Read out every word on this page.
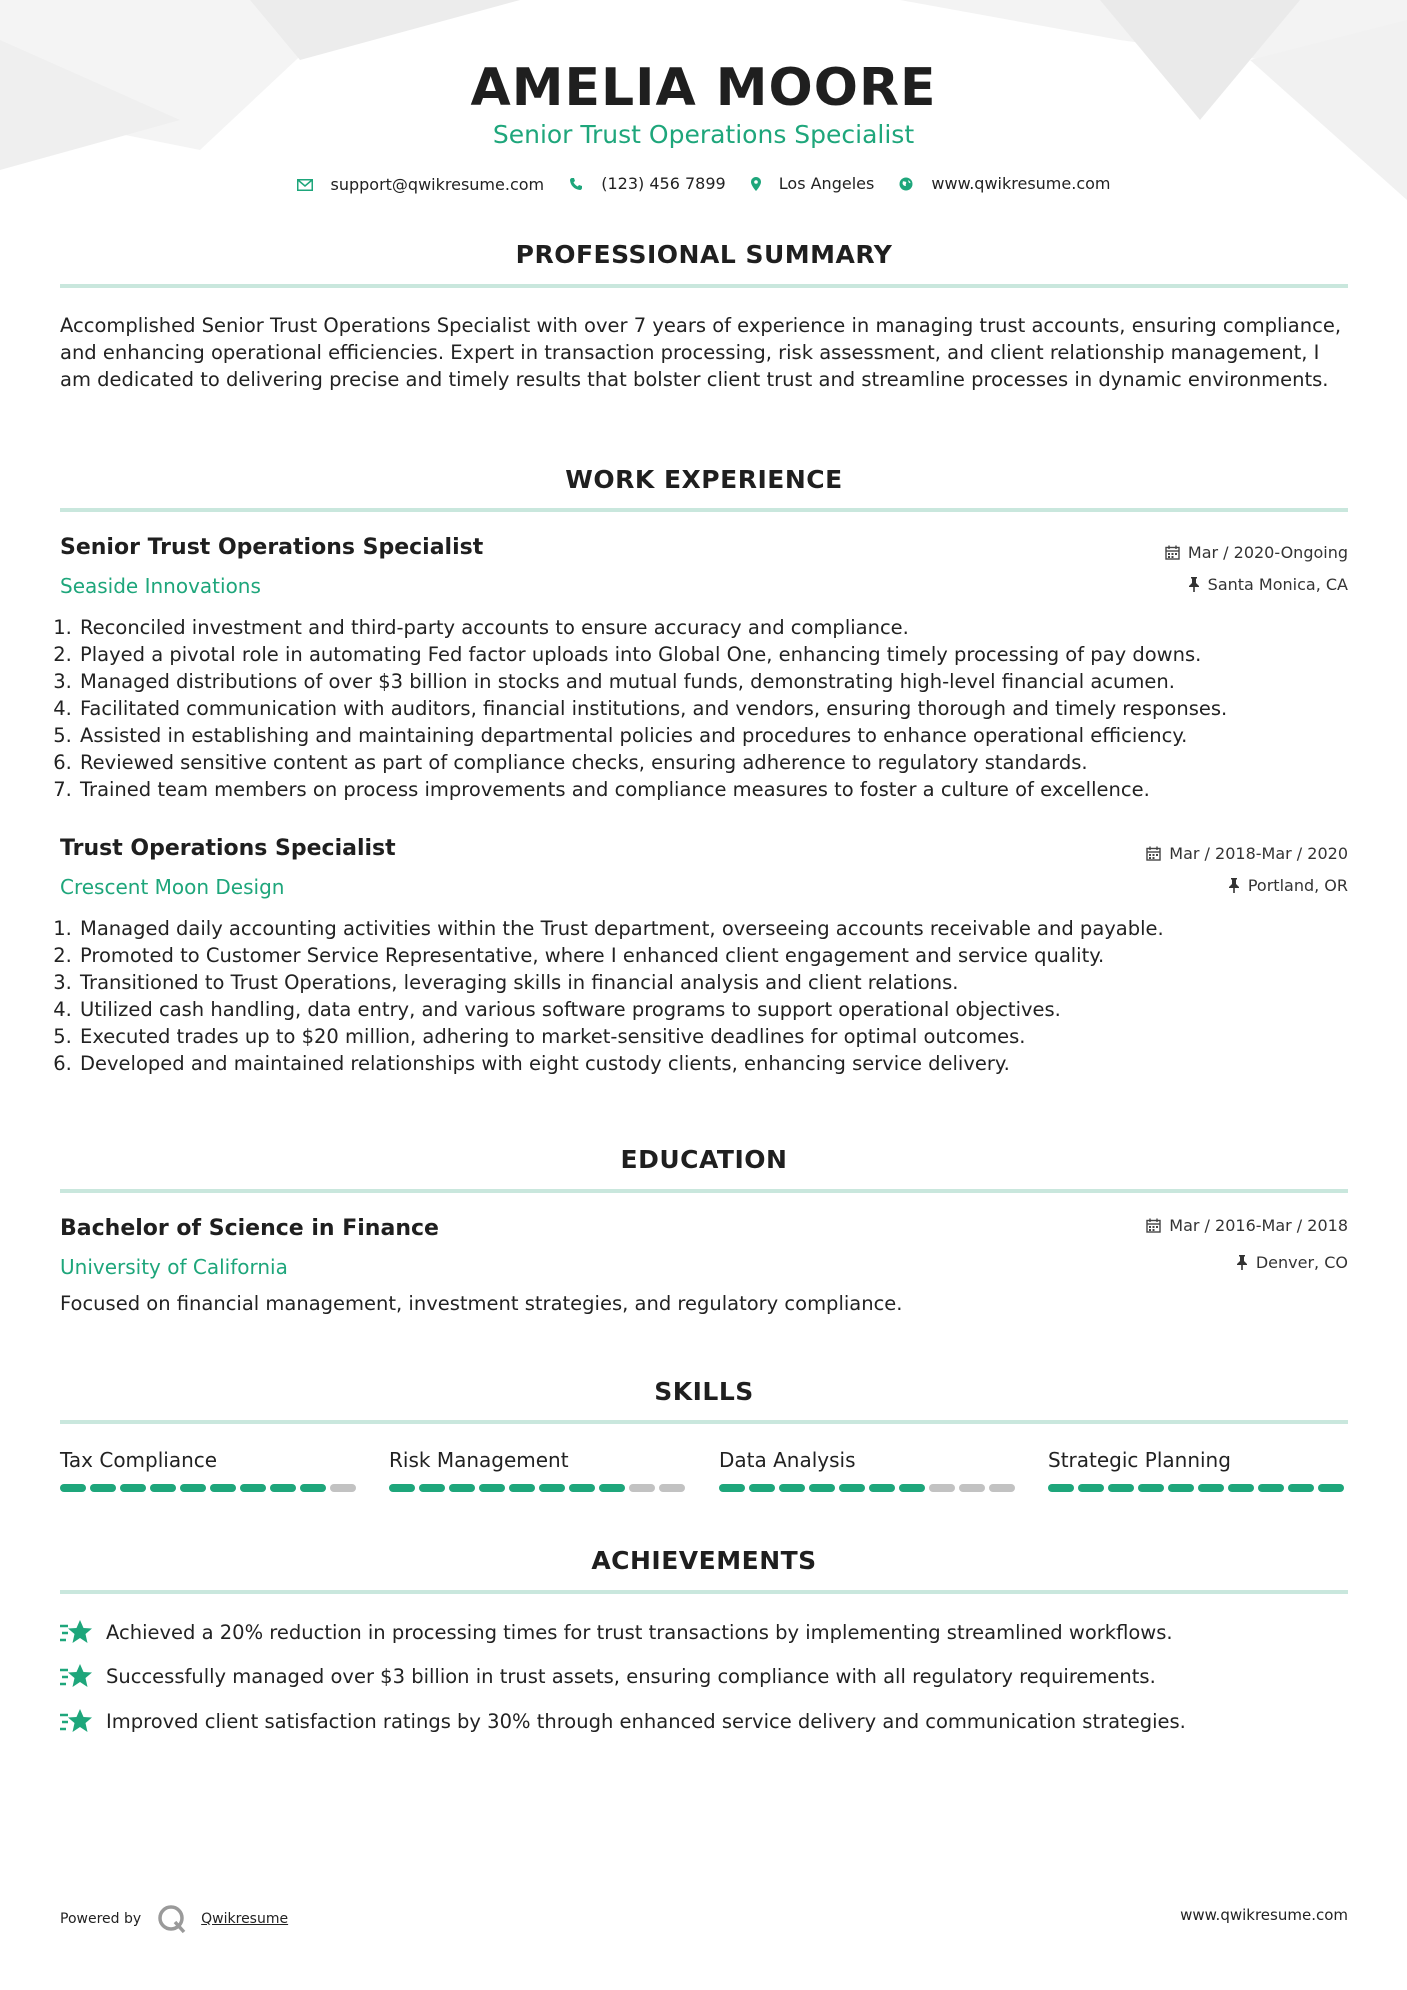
AMELIA MOORE
Senior Trust Operations Specialist
support@qwikresume.com
	(123) 456 7899
	Los Angeles
	www.qwikresume.com
PROFESSIONAL SUMMARY
Accomplished Senior Trust Operations Specialist with over 7 years of experience in managing trust accounts, ensuring compliance, and enhancing operational efficiencies. Expert in transaction processing, risk assessment, and client relationship management, I am dedicated to delivering precise and timely results that bolster client trust and streamline processes in dynamic environments.
WORK EXPERIENCE
Senior Trust Operations Specialist
Seaside Innovations
Mar / 2020-Ongoing
Santa Monica, CA
1. Reconciled investment and third-party accounts to ensure accuracy and compliance.
2. Played a pivotal role in automating Fed factor uploads into Global One, enhancing timely processing of pay downs.
3. Managed distributions of over $3 billion in stocks and mutual funds, demonstrating high-level financial acumen.
4. Facilitated communication with auditors, financial institutions, and vendors, ensuring thorough and timely responses.
5. Assisted in establishing and maintaining departmental policies and procedures to enhance operational efficiency.
6. Reviewed sensitive content as part of compliance checks, ensuring adherence to regulatory standards.
7. Trained team members on process improvements and compliance measures to foster a culture of excellence.
Trust Operations Specialist
Crescent Moon Design
Mar / 2018-Mar / 2020
Portland, OR
1. Managed daily accounting activities within the Trust department, overseeing accounts receivable and payable.
2. Promoted to Customer Service Representative, where I enhanced client engagement and service quality.
3. Transitioned to Trust Operations, leveraging skills in financial analysis and client relations.
4. Utilized cash handling, data entry, and various software programs to support operational objectives.
5. Executed trades up to $20 million, adhering to market-sensitive deadlines for optimal outcomes.
6. Developed and maintained relationships with eight custody clients, enhancing service delivery.
EDUCATION
Bachelor of Science in Finance
University of California
Mar / 2016-Mar / 2018
Denver, CO
Focused on financial management, investment strategies, and regulatory compliance.
SKILLS
Tax Compliance	Risk Management	Data Analysis	Strategic Planning
ACHIEVEMENTS
Achieved a 20% reduction in processing times for trust transactions by implementing streamlined workflows.
Successfully managed over $3 billion in trust assets, ensuring compliance with all regulatory requirements.
Improved client satisfaction ratings by 30% through enhanced service delivery and communication strategies.
Powered by	Qwikresume	www.qwikresume.com
